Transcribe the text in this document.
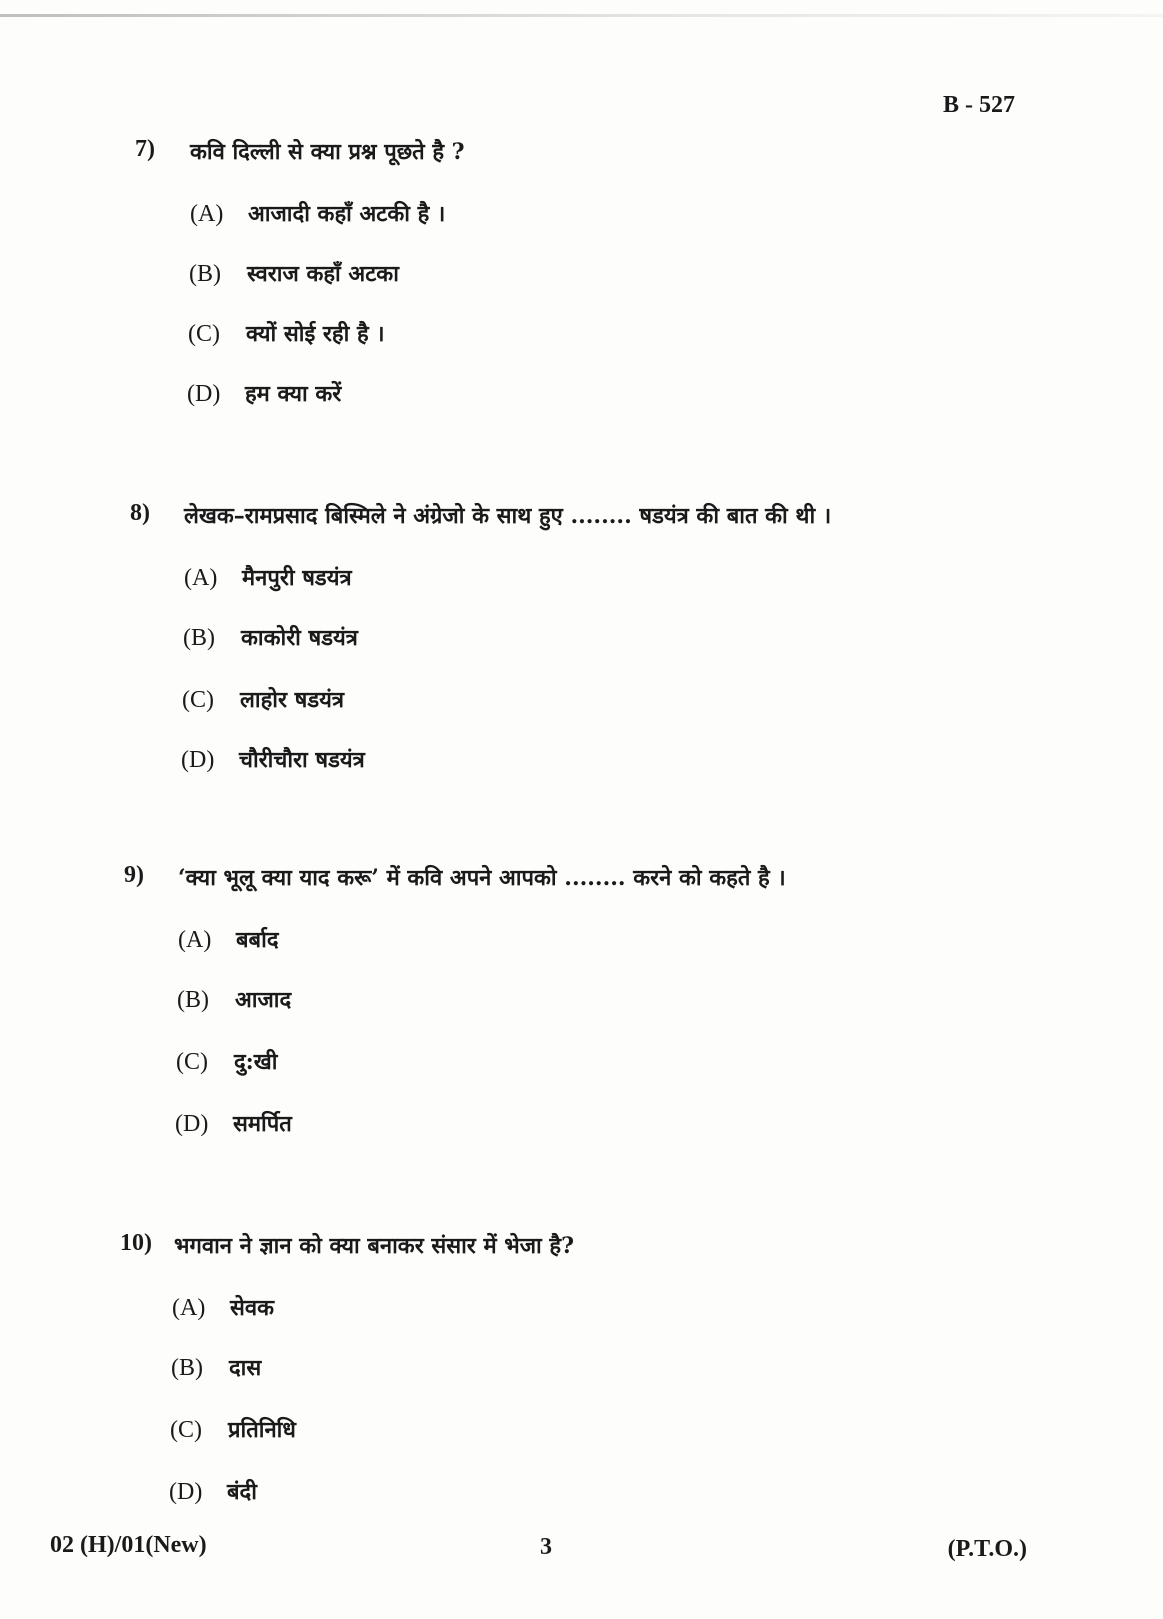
B - 527
7) कवि दिल्ली से क्या प्रश्न पूछते है ?
(A) आजादी कहाँ अटकी है ।
(B) स्वराज कहाँ अटका
(C) क्यों सोई रही है ।
(D) हम क्या करें
8) लेखक–रामप्रसाद बिस्मिले ने अंग्रेजो के साथ हुए ........ षडयंत्र की बात की थी ।
(A) मैनपुरी षडयंत्र
(B) काकोरी षडयंत्र
(C) लाहोर षडयंत्र
(D) चौरीचौरा षडयंत्र
9) ‘क्या भूलू क्या याद करू’ में कवि अपने आपको ........ करने को कहते है ।
(A) बर्बाद
(B) आजाद
(C) दु:खी
(D) समर्पित
10) भगवान ने ज्ञान को क्या बनाकर संसार में भेजा है?
(A) सेवक
(B) दास
(C) प्रतिनिधि
(D) बंदी
02 (H)/01(New)	3	(P.T.O.)
